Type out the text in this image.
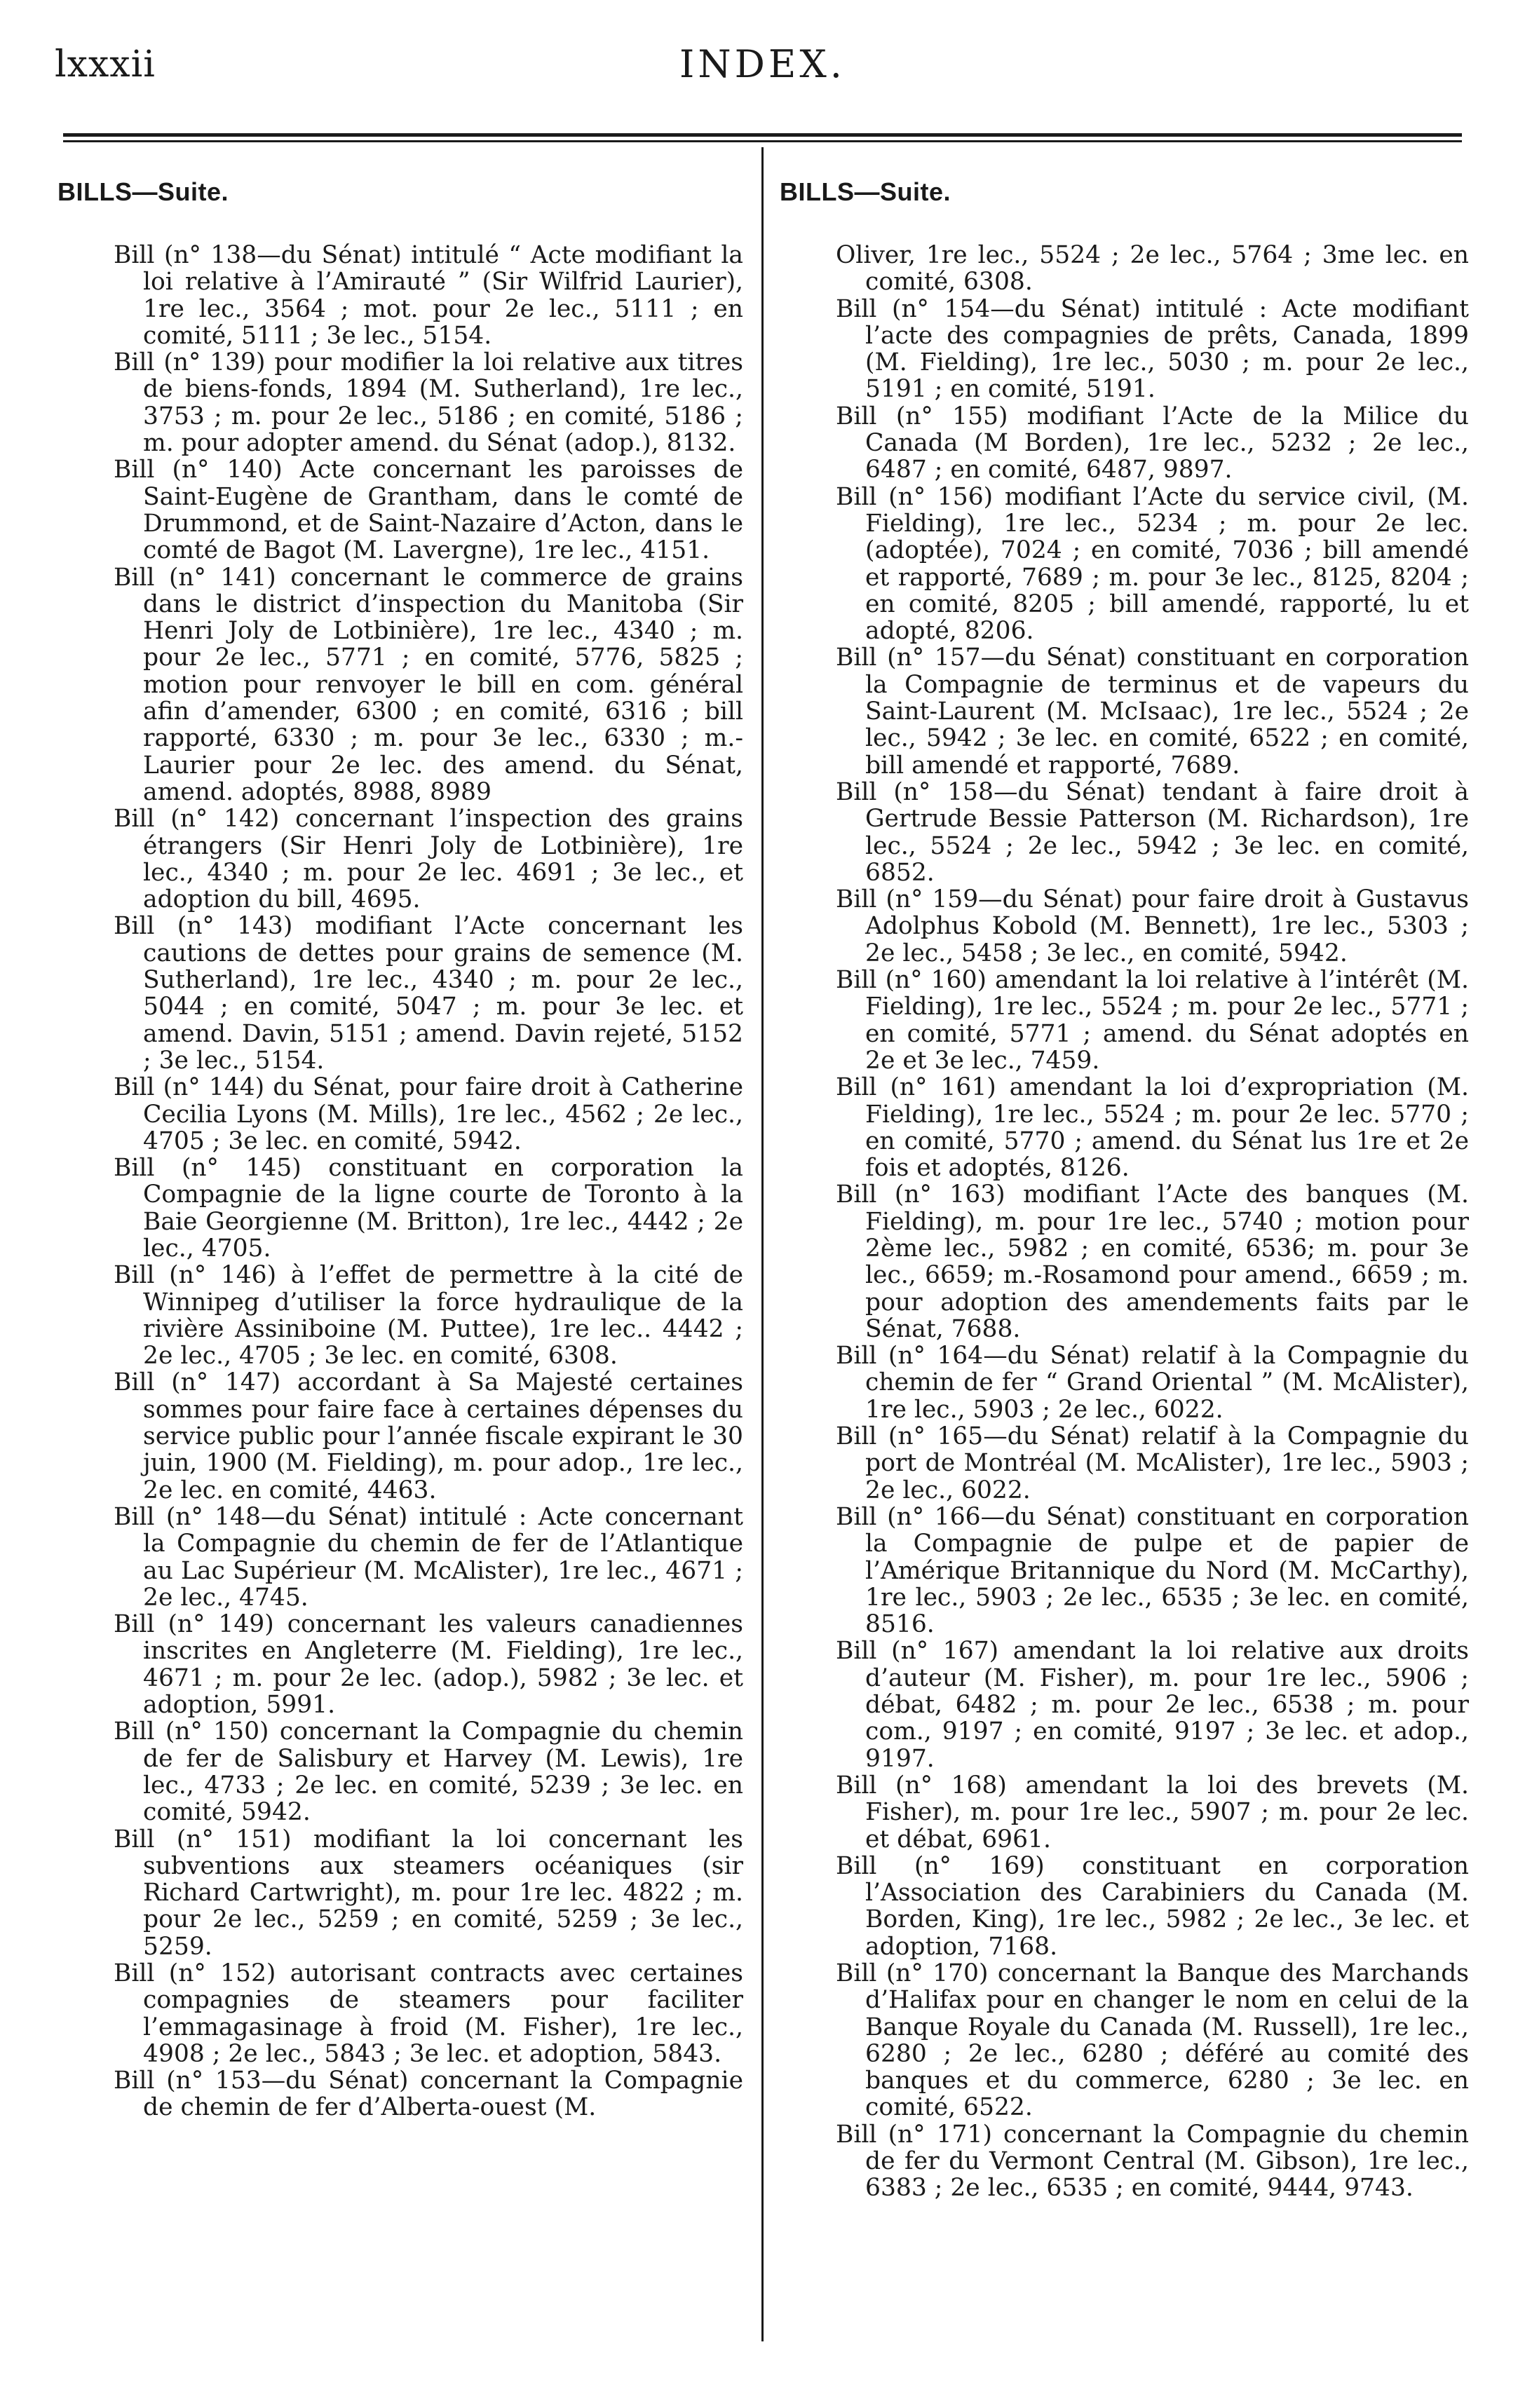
lxxxii	INDEX.
BILLS—Suite.
Bill (n° 138—du Sénat) intitulé “ Acte modifiant la loi relative à l’Amirauté ” (Sir Wilfrid Laurier), 1re lec., 3564 ; mot. pour 2e lec., 5111 ; en comité, 5111 ; 3e lec., 5154.
Bill (n° 139) pour modifier la loi relative aux titres de biens-fonds, 1894 (M. Sutherland), 1re lec., 3753 ; m. pour 2e lec., 5186 ; en comité, 5186 ; m. pour adopter amend. du Sénat (adop.), 8132.
Bill (n° 140) Acte concernant les paroisses de Saint-Eugène de Grantham, dans le comté de Drummond, et de Saint-Nazaire d’Acton, dans le comté de Bagot (M. Lavergne), 1re lec., 4151.
Bill (n° 141) concernant le commerce de grains dans le district d’inspection du Manitoba (Sir Henri Joly de Lotbinière), 1re lec., 4340 ; m. pour 2e lec., 5771 ; en comité, 5776, 5825 ; motion pour renvoyer le bill en com. général afin d’amender, 6300 ; en comité, 6316 ; bill rapporté, 6330 ; m. pour 3e lec., 6330 ; m.-Laurier pour 2e lec. des amend. du Sénat, amend. adoptés, 8988, 8989
Bill (n° 142) concernant l’inspection des grains étrangers (Sir Henri Joly de Lotbinière), 1re lec., 4340 ; m. pour 2e lec. 4691 ; 3e lec., et adoption du bill, 4695.
Bill (n° 143) modifiant l’Acte concernant les cautions de dettes pour grains de semence (M. Sutherland), 1re lec., 4340 ; m. pour 2e lec., 5044 ; en comité, 5047 ; m. pour 3e lec. et amend. Davin, 5151 ; amend. Davin rejeté, 5152 ; 3e lec., 5154.
Bill (n° 144) du Sénat, pour faire droit à Catherine Cecilia Lyons (M. Mills), 1re lec., 4562 ; 2e lec., 4705 ; 3e lec. en comité, 5942.
Bill (n° 145) constituant en corporation la Compagnie de la ligne courte de Toronto à la Baie Georgienne (M. Britton), 1re lec., 4442 ; 2e lec., 4705.
Bill (n° 146) à l’effet de permettre à la cité de Winnipeg d’utiliser la force hydraulique de la rivière Assiniboine (M. Puttee), 1re lec.. 4442 ; 2e lec., 4705 ; 3e lec. en comité, 6308.
Bill (n° 147) accordant à Sa Majesté certaines sommes pour faire face à certaines dépenses du service public pour l’année fiscale expirant le 30 juin, 1900 (M. Fielding), m. pour adop., 1re lec., 2e lec. en comité, 4463.
Bill (n° 148—du Sénat) intitulé : Acte concernant la Compagnie du chemin de fer de l’Atlantique au Lac Supérieur (M. McAlister), 1re lec., 4671 ; 2e lec., 4745.
Bill (n° 149) concernant les valeurs canadiennes inscrites en Angleterre (M. Fielding), 1re lec., 4671 ; m. pour 2e lec. (adop.), 5982 ; 3e lec. et adoption, 5991.
Bill (n° 150) concernant la Compagnie du chemin de fer de Salisbury et Harvey (M. Lewis), 1re lec., 4733 ; 2e lec. en comité, 5239 ; 3e lec. en comité, 5942.
Bill (n° 151) modifiant la loi concernant les subventions aux steamers océaniques (sir Richard Cartwright), m. pour 1re lec. 4822 ; m. pour 2e lec., 5259 ; en comité, 5259 ; 3e lec., 5259.
Bill (n° 152) autorisant contracts avec certaines compagnies de steamers pour faciliter l’emmagasinage à froid (M. Fisher), 1re lec., 4908 ; 2e lec., 5843 ; 3e lec. et adoption, 5843.
Bill (n° 153—du Sénat) concernant la Compagnie de chemin de fer d’Alberta-ouest (M.
BILLS—Suite.
Oliver, 1re lec., 5524 ; 2e lec., 5764 ; 3me lec. en comité, 6308.
Bill (n° 154—du Sénat) intitulé : Acte modifiant l’acte des compagnies de prêts, Canada, 1899 (M. Fielding), 1re lec., 5030 ; m. pour 2e lec., 5191 ; en comité, 5191.
Bill (n° 155) modifiant l’Acte de la Milice du Canada (M Borden), 1re lec., 5232 ; 2e lec., 6487 ; en comité, 6487, 9897.
Bill (n° 156) modifiant l’Acte du service civil, (M. Fielding), 1re lec., 5234 ; m. pour 2e lec. (adoptée), 7024 ; en comité, 7036 ; bill amendé et rapporté, 7689 ; m. pour 3e lec., 8125, 8204 ; en comité, 8205 ; bill amendé, rapporté, lu et adopté, 8206.
Bill (n° 157—du Sénat) constituant en corporation la Compagnie de terminus et de vapeurs du Saint-Laurent (M. McIsaac), 1re lec., 5524 ; 2e lec., 5942 ; 3e lec. en comité, 6522 ; en comité, bill amendé et rapporté, 7689.
Bill (n° 158—du Sénat) tendant à faire droit à Gertrude Bessie Patterson (M. Richardson), 1re lec., 5524 ; 2e lec., 5942 ; 3e lec. en comité, 6852.
Bill (n° 159—du Sénat) pour faire droit à Gustavus Adolphus Kobold (M. Bennett), 1re lec., 5303 ; 2e lec., 5458 ; 3e lec., en comité, 5942.
Bill (n° 160) amendant la loi relative à l’intérêt (M. Fielding), 1re lec., 5524 ; m. pour 2e lec., 5771 ; en comité, 5771 ; amend. du Sénat adoptés en 2e et 3e lec., 7459.
Bill (n° 161) amendant la loi d’expropriation (M. Fielding), 1re lec., 5524 ; m. pour 2e lec. 5770 ; en comité, 5770 ; amend. du Sénat lus 1re et 2e fois et adoptés, 8126.
Bill (n° 163) modifiant l’Acte des banques (M. Fielding), m. pour 1re lec., 5740 ; motion pour 2ème lec., 5982 ; en comité, 6536; m. pour 3e lec., 6659; m.-Rosamond pour amend., 6659 ; m. pour adoption des amendements faits par le Sénat, 7688.
Bill (n° 164—du Sénat) relatif à la Compagnie du chemin de fer “ Grand Oriental ” (M. McAlister), 1re lec., 5903 ; 2e lec., 6022.
Bill (n° 165—du Sénat) relatif à la Compagnie du port de Montréal (M. McAlister), 1re lec., 5903 ; 2e lec., 6022.
Bill (n° 166—du Sénat) constituant en corporation la Compagnie de pulpe et de papier de l’Amérique Britannique du Nord (M. McCarthy), 1re lec., 5903 ; 2e lec., 6535 ; 3e lec. en comité, 8516.
Bill (n° 167) amendant la loi relative aux droits d’auteur (M. Fisher), m. pour 1re lec., 5906 ; débat, 6482 ; m. pour 2e lec., 6538 ; m. pour com., 9197 ; en comité, 9197 ; 3e lec. et adop., 9197.
Bill (n° 168) amendant la loi des brevets (M. Fisher), m. pour 1re lec., 5907 ; m. pour 2e lec. et débat, 6961.
Bill (n° 169) constituant en corporation l’Association des Carabiniers du Canada (M. Borden, King), 1re lec., 5982 ; 2e lec., 3e lec. et adoption, 7168.
Bill (n° 170) concernant la Banque des Marchands d’Halifax pour en changer le nom en celui de la Banque Royale du Canada (M. Russell), 1re lec., 6280 ; 2e lec., 6280 ; déféré au comité des banques et du commerce, 6280 ; 3e lec. en comité, 6522.
Bill (n° 171) concernant la Compagnie du chemin de fer du Vermont Central (M. Gibson), 1re lec., 6383 ; 2e lec., 6535 ; en comité, 9444, 9743.
